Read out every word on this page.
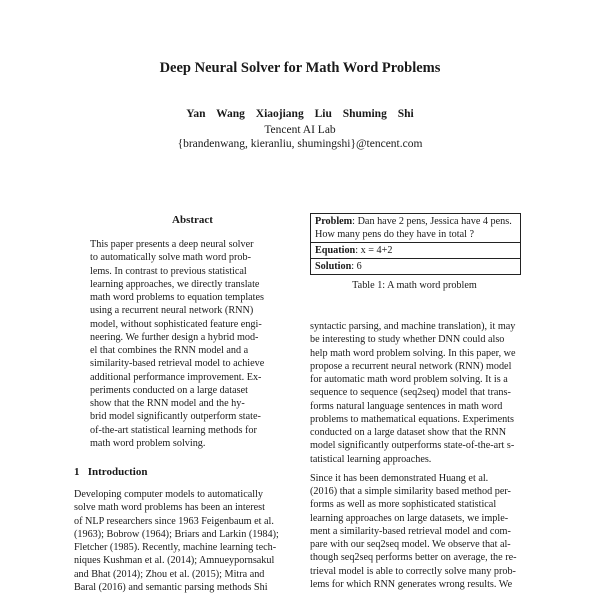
Deep Neural Solver for Math Word Problems
Yan Wang Xiaojiang Liu Shuming Shi
Tencent AI Lab
{brandenwang, kieranliu, shumingshi}@tencent.com
Abstract
This paper presents a deep neural solver
to automatically solve math word prob-
lems. In contrast to previous statistical
learning approaches, we directly translate
math word problems to equation templates
using a recurrent neural network (RNN)
model, without sophisticated feature engi-
neering. We further design a hybrid mod-
el that combines the RNN model and a
similarity-based retrieval model to achieve
additional performance improvement. Ex-
periments conducted on a large dataset
show that the RNN model and the hy-
brid model significantly outperform state-
of-the-art statistical learning methods for
math word problem solving.
1 Introduction
Developing computer models to automatically
solve math word problems has been an interest
of NLP researchers since 1963 Feigenbaum et al.
(1963); Bobrow (1964); Briars and Larkin (1984);
Fletcher (1985). Recently, machine learning tech-
niques Kushman et al. (2014); Amnueypornsakul
and Bhat (2014); Zhou et al. (2015); Mitra and
Baral (2016) and semantic parsing methods Shi
Problem: Dan have 2 pens, Jessica have 4 pens. How many pens do they have in total ?
Equation: x = 4+2
Solution: 6
Table 1: A math word problem
syntactic parsing, and machine translation), it may
be interesting to study whether DNN could also
help math word problem solving. In this paper, we
propose a recurrent neural network (RNN) model
for automatic math word problem solving. It is a
sequence to sequence (seq2seq) model that trans-
forms natural language sentences in math word
problems to mathematical equations. Experiments
conducted on a large dataset show that the RNN
model significantly outperforms state-of-the-art s-
tatistical learning approaches.
Since it has been demonstrated Huang et al.
(2016) that a simple similarity based method per-
forms as well as more sophisticated statistical
learning approaches on large datasets, we imple-
ment a similarity-based retrieval model and com-
pare with our seq2seq model. We observe that al-
though seq2seq performs better on average, the re-
trieval model is able to correctly solve many prob-
lems for which RNN generates wrong results. We
